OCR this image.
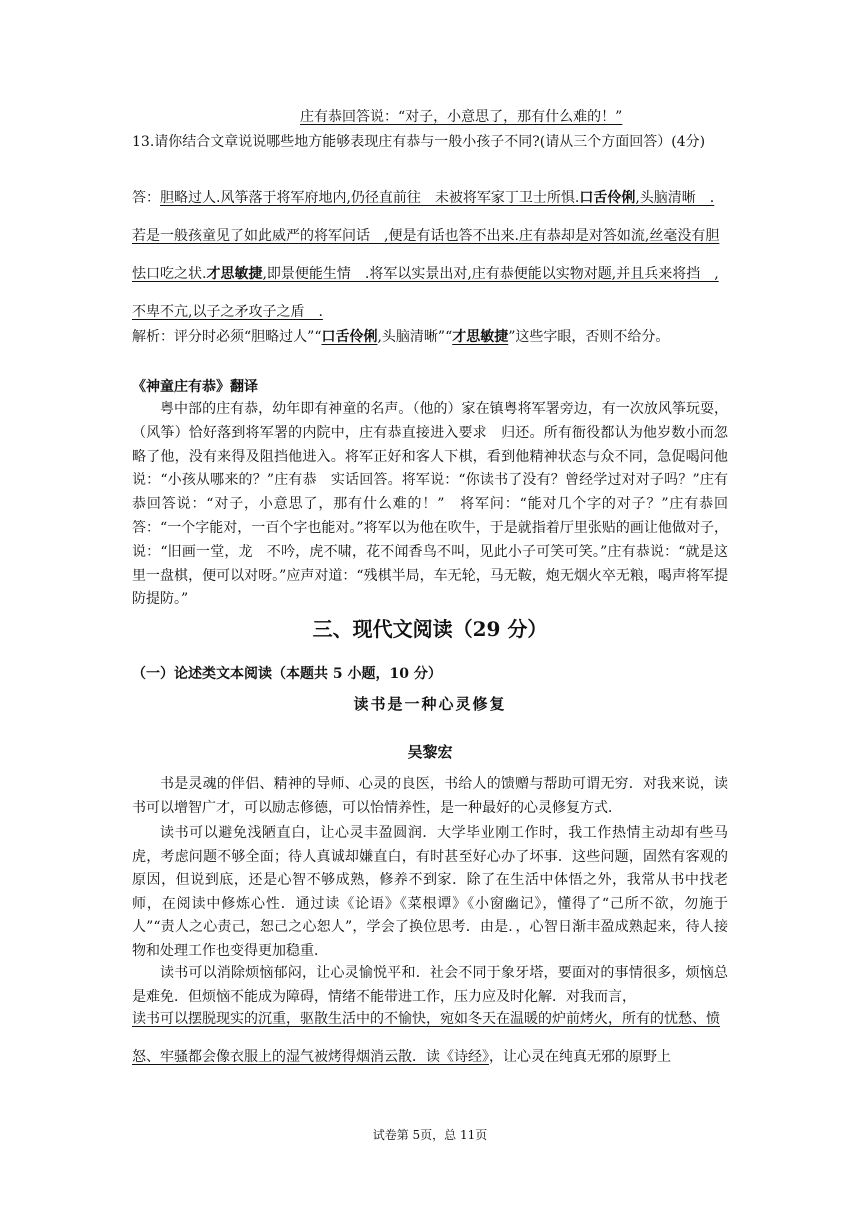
庄有恭回答说：“对子，小意思了，那有什么难的！”

13.请你结合文章说说哪些地方能够表现庄有恭与一般小孩子不同?(请从三个方面回答）(4分)

答：胆略过人.风筝落于将军府地内,仍径直前往　未被将军家丁卫士所惧.口舌伶俐,头脑清晰　.若是一般孩童见了如此威严的将军问话　,便是有话也答不出来.庄有恭却是对答如流,丝毫没有胆怯口吃之状.才思敏捷,即景便能生情　.将军以实景出对,庄有恭便能以实物对题,并且兵来将挡　,不卑不亢,以子之矛攻子之盾　.

解析：评分时必须“胆略过人”“口舌伶俐,头脑清晰”“才思敏捷”这些字眼，否则不给分。

《神童庄有恭》翻译

粤中部的庄有恭，幼年即有神童的名声。（他的）家在镇粤将军署旁边，有一次放风筝玩耍，（风筝）恰好落到将军署的内院中，庄有恭直接进入要求　归还。所有衙役都认为他岁数小而忽略了他，没有来得及阻挡他进入。将军正好和客人下棋，看到他精神状态与众不同，急促喝问他说：“小孩从哪来的？”庄有恭　实话回答。将军说：“你读书了没有？曾经学过对对子吗？”庄有恭回答说：“对子，小意思了，那有什么难的！”　将军问：“能对几个字的对子？”庄有恭回答：“一个字能对，一百个字也能对。”将军以为他在吹牛，于是就指着厅里张贴的画让他做对子，说：“旧画一堂，龙　不吟，虎不啸，花不闻香鸟不叫，见此小子可笑可笑。”庄有恭说：“就是这里一盘棋，便可以对呀。”应声对道：“残棋半局，车无轮，马无鞍，炮无烟火卒无粮，喝声将军提防提防。”

三、现代文阅读（29 分）

（一）论述类文本阅读（本题共 5 小题，10 分）

读书是一种心灵修复

吴黎宏

书是灵魂的伴侣、精神的导师、心灵的良医，书给人的馈赠与帮助可谓无穷．对我来说，读书可以增智广才，可以励志修德，可以怡情养性，是一种最好的心灵修复方式．

读书可以避免浅陋直白，让心灵丰盈圆润．大学毕业刚工作时，我工作热情主动却有些马虎，考虑问题不够全面；待人真诚却嫌直白，有时甚至好心办了坏事．这些问题，固然有客观的原因，但说到底，还是心智不够成熟，修养不到家．除了在生活中体悟之外，我常从书中找老师，在阅读中修炼心性．通过读《论语》《菜根谭》《小窗幽记》，懂得了“己所不欲，勿施于人”“责人之心责己，恕己之心恕人”，学会了换位思考．由是．，心智日渐丰盈成熟起来，待人接物和处理工作也变得更加稳重．

读书可以消除烦恼郁闷，让心灵愉悦平和．社会不同于象牙塔，要面对的事情很多，烦恼总是难免．但烦恼不能成为障碍，情绪不能带进工作，压力应及时化解．对我而言，

读书可以摆脱现实的沉重，驱散生活中的不愉快，宛如冬天在温暖的炉前烤火，所有的忧愁、愤怒、牢骚都会像衣服上的湿气被烤得烟消云散．读《诗经》，让心灵在纯真无邪的原野上

试卷第 5页，总 11页
